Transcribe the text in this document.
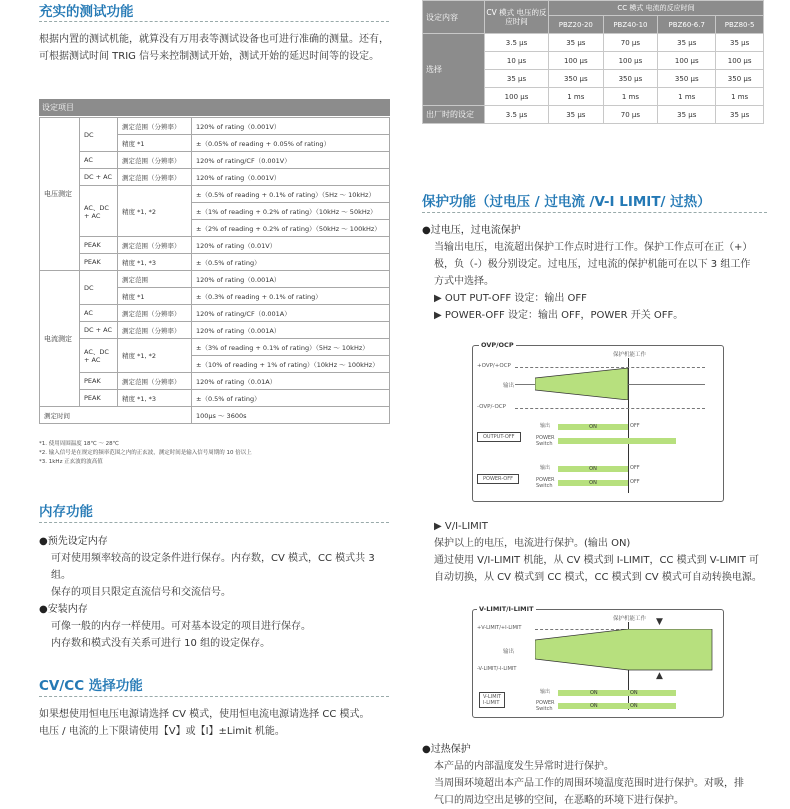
充实的测试功能
根据内置的测试机能，就算没有万用表等测试设备也可进行准确的测量。还有，可根据测试时间 TRIG 信号来控制测试开始，测试开始的延迟时间等的设定。
设定项目
电压测定	DC	测定范围（分辨率）	120% of rating（0.001V）
		精度 *1	±（0.05% of reading + 0.05% of rating）
	AC	测定范围（分辨率）	120% of rating/CF（0.001V）
	DC + AC	测定范围（分辨率）	120% of rating（0.001V）
	AC、DC + AC	精度 *1, *2	±（0.5% of reading + 0.1% of rating）（5Hz 〜 10kHz）
			±（1% of reading + 0.2% of rating）（10kHz 〜 50kHz）
			±（2% of reading + 0.2% of rating）（50kHz 〜 100kHz）
	PEAK	测定范围（分辨率）	120% of rating（0.01V）
	PEAK	精度 *1, *3	±（0.5% of rating）
电流测定	DC	测定范围	120% of rating（0.001A）
		精度 *1	±（0.3% of reading + 0.1% of rating）
	AC	测定范围（分辨率）	120% of rating/CF（0.001A）
	DC + AC	测定范围（分辨率）	120% of rating（0.001A）
	AC、DC + AC	精度 *1, *2	±（3% of reading + 0.1% of rating）（5Hz 〜 10kHz）
			±（10% of reading + 1% of rating）（10kHz 〜 100kHz）
	PEAK	测定范围（分辨率）	120% of rating（0.01A）
	PEAK	精度 *1, *3	±（0.5% of rating）
测定时间			100μs 〜 3600s
*1. 使用周围温度 18℃ 〜 28℃
*2. 输入信号是在规定的频率范围之内的正玄波，测定时间是输入信号周期的 10 倍以上
*3. 1kHz 正玄波的波高值
内存功能
●预先设定内存
可对使用频率较高的设定条件进行保存。内存数，CV 模式，CC 模式共 3 组。
保存的项目只限定直流信号和交流信号。
●安装内存
可像一般的内存一样使用。可对基本设定的项目进行保存。
内存数和模式没有关系可进行 10 组的设定保存。
CV/CC 选择功能
如果想使用恒电压电源请选择 CV 模式，使用恒电流电源请选择 CC 模式。
电压 / 电流的上下限请使用【V】或【I】±Limit 机能。
设定内容	CV 模式 电压的反应时间	CC 模式 电流的反应时间			
		PBZ20-20	PBZ40-10	PBZ60-6.7	PBZ80-5
选择	3.5 μs	35 μs	70 μs	35 μs	35 μs
	10 μs	100 μs	100 μs	100 μs	100 μs
	35 μs	350 μs	350 μs	350 μs	350 μs
	100 μs	1 ms	1 ms	1 ms	1 ms
出厂时的设定	3.5 μs	35 μs	70 μs	35 μs	35 μs
保护功能（过电压 / 过电流 /V-I LIMIT/ 过热）
●过电压，过电流保护
当输出电压，电流超出保护工作点时进行工作。保护工作点可在正（+）
极，负（-）极分别设定。过电压，过电流的保护机能可在以下 3 组工作
方式中选择。
▶ OUT PUT-OFF 设定：输出 OFF
▶ POWER-OFF 设定：输出 OFF，POWER 开关 OFF。
OVP/OCP
保护机能工作
+OVP/+OCP
输出
-OVP/-OCP
OUTPUT-OFF
输出	ON	OFF
POWER
Switch
POWER-OFF
输出	ON	OFF
POWER
Switch	ON	OFF
▶ V/I-LIMIT
保护以上的电压，电流进行保护。(输出 ON)
通过使用 V/I-LIMIT 机能，从 CV 模式到 I-LIMIT，CC 模式到 V-LIMIT 可
自动切换，从 CV 模式到 CC 模式，CC 模式到 CV 模式可自动转换电源。
V-LIMIT/I-LIMIT
保护机能工作 ▼
+V-LIMIT/+I-LIMIT
输出
-V-LIMIT/-I-LIMIT
▲
V-LIMIT
I-LIMIT
输出	ON	ON
POWER
Switch	ON	ON
●过热保护
本产品的内部温度发生异常时进行保护。
当周围环境超出本产品工作的周围环境温度范围时进行保护。对吸，排
气口的周边空出足够的空间，在恶略的环境下进行保护。
